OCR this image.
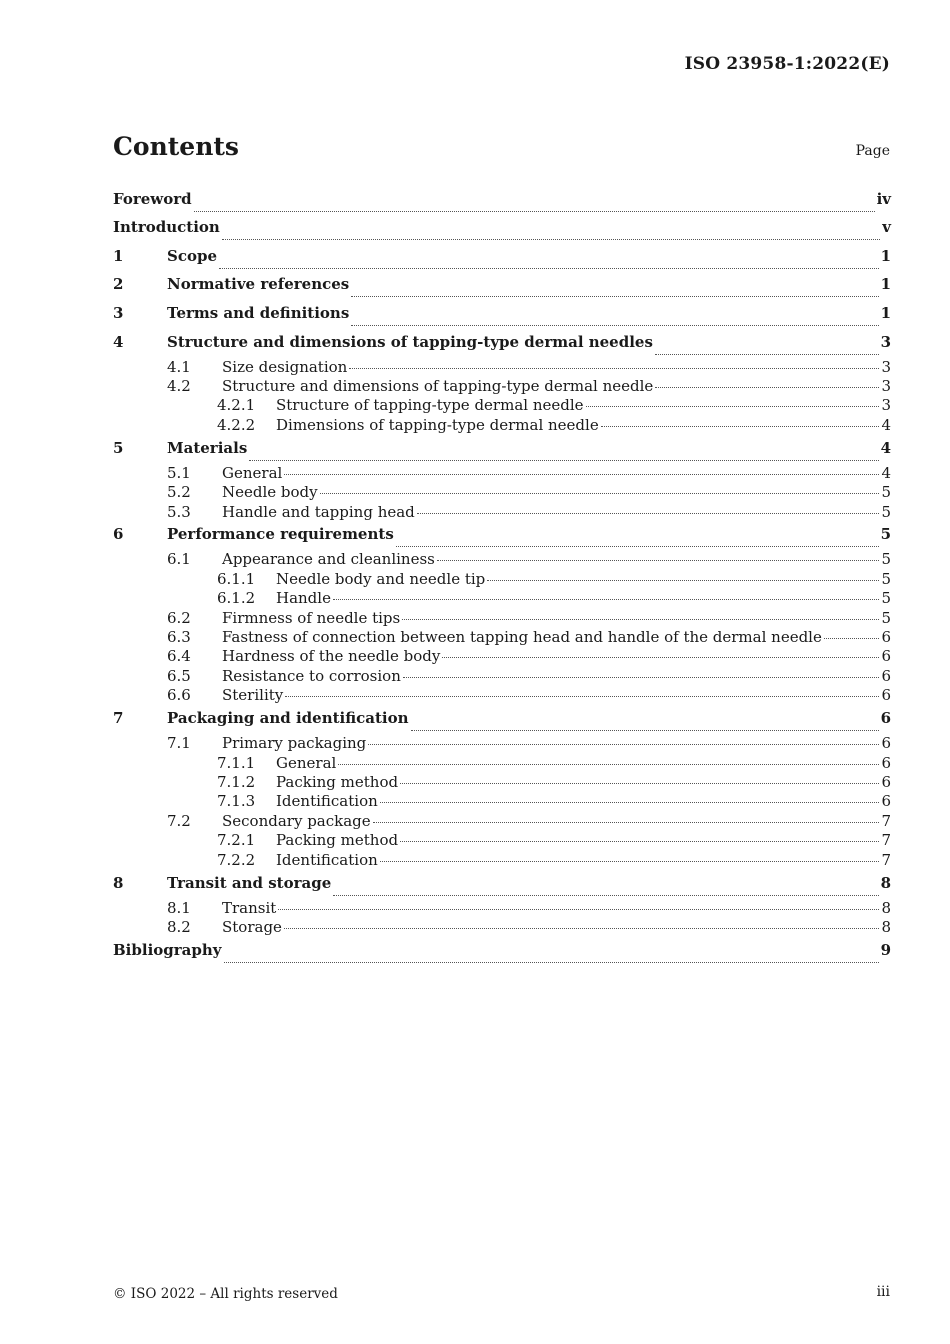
ISO 23958-1:2022(E)
Contents	Page
Foreword	iv
Introduction	v
1	Scope	1
2	Normative references	1
3	Terms and definitions	1
4	Structure and dimensions of tapping-type dermal needles	3
4.1	Size designation	3
4.2	Structure and dimensions of tapping-type dermal needle	3
4.2.1	Structure of tapping-type dermal needle	3
4.2.2	Dimensions of tapping-type dermal needle	4
5	Materials	4
5.1	General	4
5.2	Needle body	5
5.3	Handle and tapping head	5
6	Performance requirements	5
6.1	Appearance and cleanliness	5
6.1.1	Needle body and needle tip	5
6.1.2	Handle	5
6.2	Firmness of needle tips	5
6.3	Fastness of connection between tapping head and handle of the dermal needle	6
6.4	Hardness of the needle body	6
6.5	Resistance to corrosion	6
6.6	Sterility	6
7	Packaging and identification	6
7.1	Primary packaging	6
7.1.1	General	6
7.1.2	Packing method	6
7.1.3	Identification	6
7.2	Secondary package	7
7.2.1	Packing method	7
7.2.2	Identification	7
8	Transit and storage	8
8.1	Transit	8
8.2	Storage	8
Bibliography	9
© ISO 2022 – All rights reserved	iii
